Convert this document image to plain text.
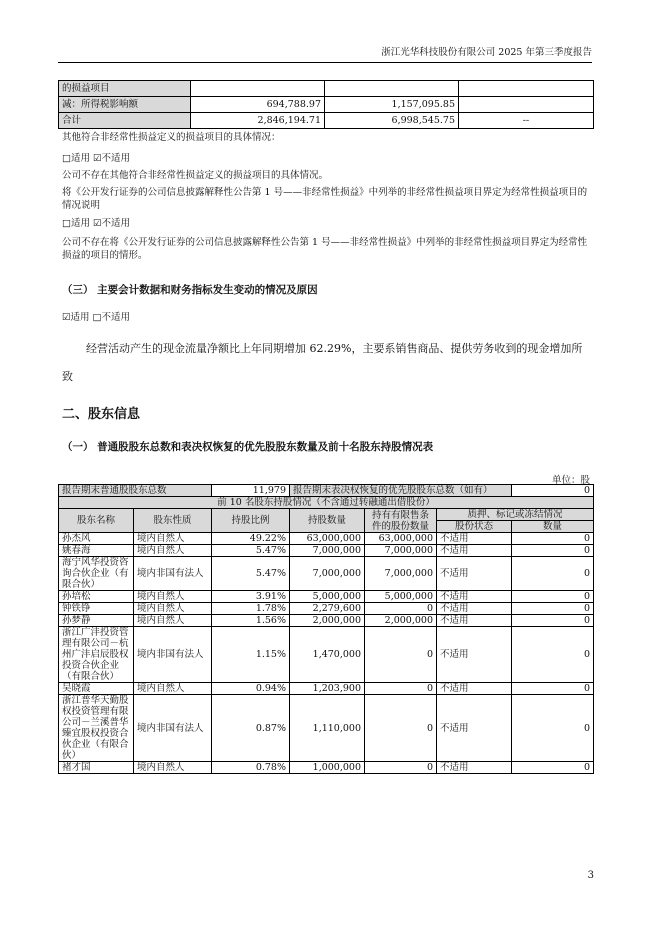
浙江光华科技股份有限公司 2025 年第三季度报告
的损益项目			
减：所得税影响额	694,788.97	1,157,095.85	
合计	2,846,194.71	6,998,545.75	--
其他符合非经常性损益定义的损益项目的具体情况：
□适用 ☑不适用
公司不存在其他符合非经常性损益定义的损益项目的具体情况。
将《公开发行证券的公司信息披露解释性公告第 1 号——非经常性损益》中列举的非经常性损益项目界定为经常性损益项目的情况说明
□适用 ☑不适用
公司不存在将《公开发行证券的公司信息披露解释性公告第 1 号——非经常性损益》中列举的非经常性损益项目界定为经常性损益的项目的情形。
（三） 主要会计数据和财务指标发生变动的情况及原因
☑适用 □不适用
经营活动产生的现金流量净额比上年同期增加 62.29%，主要系销售商品、提供劳务收到的现金增加所致
二、股东信息
（一） 普通股股东总数和表决权恢复的优先股股东数量及前十名股东持股情况表
单位：股
报告期末普通股股东总数		11,979	报告期末表决权恢复的优先股股东总数（如有）			0
前 10 名股东持股情况（不含通过转融通出借股份）						
股东名称	股东性质	持股比例	持股数量	持有有限售条件的股份数量	质押、标记或冻结情况	
					股份状态	数量
孙杰风	境内自然人	49.22%	63,000,000	63,000,000	不适用	0
姚春海	境内自然人	5.47%	7,000,000	7,000,000	不适用	0
海宁风华投资咨询合伙企业（有限合伙）	境内非国有法人	5.47%	7,000,000	7,000,000	不适用	0
孙培松	境内自然人	3.91%	5,000,000	5,000,000	不适用	0
钟铁铮	境内自然人	1.78%	2,279,600	0	不适用	0
孙梦静	境内自然人	1.56%	2,000,000	2,000,000	不适用	0
浙江广沣投资管理有限公司－杭州广沣启辰股权投资合伙企业（有限合伙）	境内非国有法人	1.15%	1,470,000	0	不适用	0
吴晓霞	境内自然人	0.94%	1,203,900	0	不适用	0
浙江普华天勤股权投资管理有限公司－兰溪普华臻宜股权投资合伙企业（有限合伙）	境内非国有法人	0.87%	1,110,000	0	不适用	0
褚才国	境内自然人	0.78%	1,000,000	0	不适用	0
3
